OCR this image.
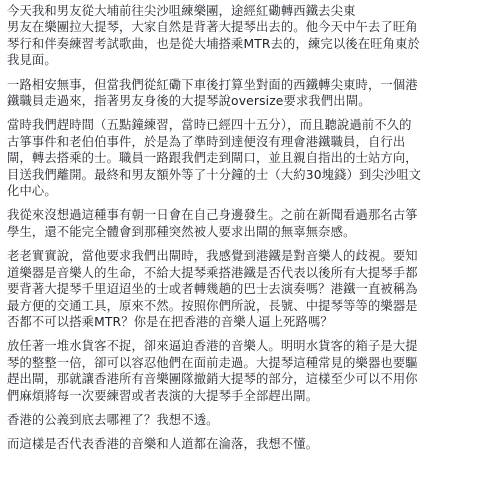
今天我和男友從大埔前往尖沙咀練樂團，途經紅磡轉西鐵去尖東
男友在樂團拉大提琴，大家自然是背著大提琴出去的。他今天中午去了旺角
琴行和伴奏練習考試歌曲，也是從大埔搭乘MTR去的，練完以後在旺角東於
我見面。

一路相安無事，但當我們從紅磡下車後打算坐對面的西鐵轉尖東時，一個港
鐵職員走過來，指著男友身後的大提琴說oversize要求我們出閘。

當時我們趕時間（五點鐘練習，當時已經四十五分），而且聽說過前不久的
古箏事件和老伯伯事件，於是為了準時到達便沒有理會港鐵職員，自行出
閘，轉去搭乘的士。職員一路跟我們走到閘口，並且親自指出的士站方向，
目送我們離開。最終和男友額外等了十分鐘的士（大約30塊錢）到尖沙咀文
化中心。

我從來沒想過這種事有朝一日會在自己身邊發生。之前在新聞看過那名古箏
學生，還不能完全體會到那種突然被人要求出閘的無辜無奈感。

老老實實說，當他要求我們出閘時，我感覺到港鐵是對音樂人的歧視。要知
道樂器是音樂人的生命，不給大提琴乘搭港鐵是否代表以後所有大提琴手都
要背著大提琴千里迢迢坐的士或者轉幾趟的巴士去演奏嗎？港鐵一直被稱為
最方便的交通工具，原來不然。按照你們所說，長號、中提琴等等的樂器是
否都不可以搭乘MTR？你是在把香港的音樂人逼上死路嗎？

放任著一堆水貨客不捉，卻來逼迫香港的音樂人。明明水貨客的箱子是大提
琴的整整一倍，卻可以容忍他們在面前走過。大提琴這種常見的樂器也要驅
趕出閘，那就讓香港所有音樂團隊撤銷大提琴的部分，這樣至少可以不用你
們麻煩將每一次要練習或者表演的大提琴手全部趕出閘。

香港的公義到底去哪裡了？我想不透。

而這樣是否代表香港的音樂和人道都在淪落，我想不懂。
